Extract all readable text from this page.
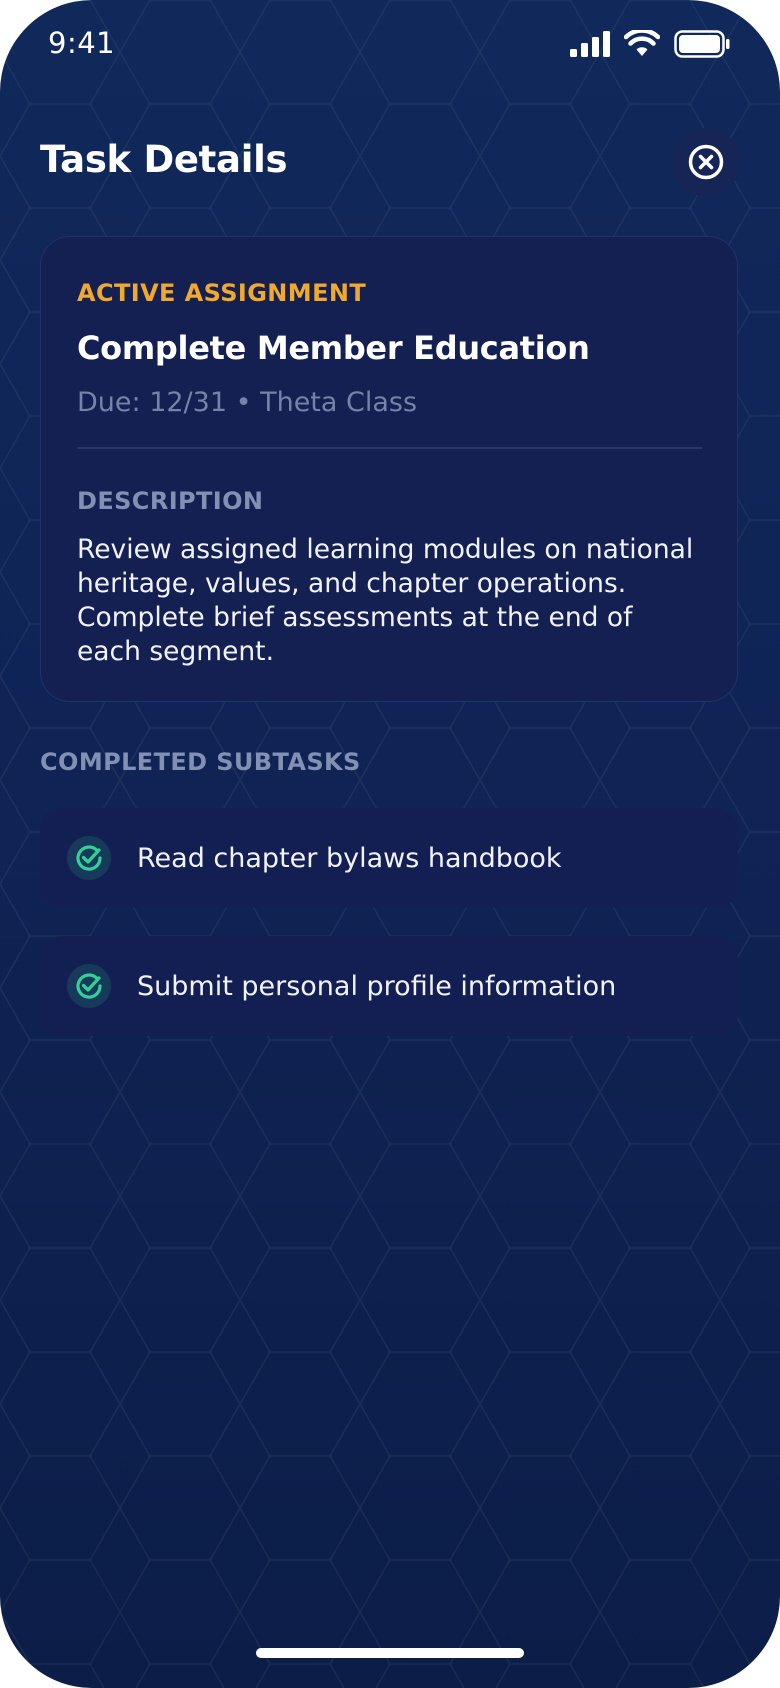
9:41
Task Details
ACTIVE ASSIGNMENT
Complete Member Education
Due: 12/31 • Theta Class
DESCRIPTION
Review assigned learning modules on national heritage, values, and chapter operations. Complete brief assessments at the end of each segment.
COMPLETED SUBTASKS
Read chapter bylaws handbook
Submit personal profile information
